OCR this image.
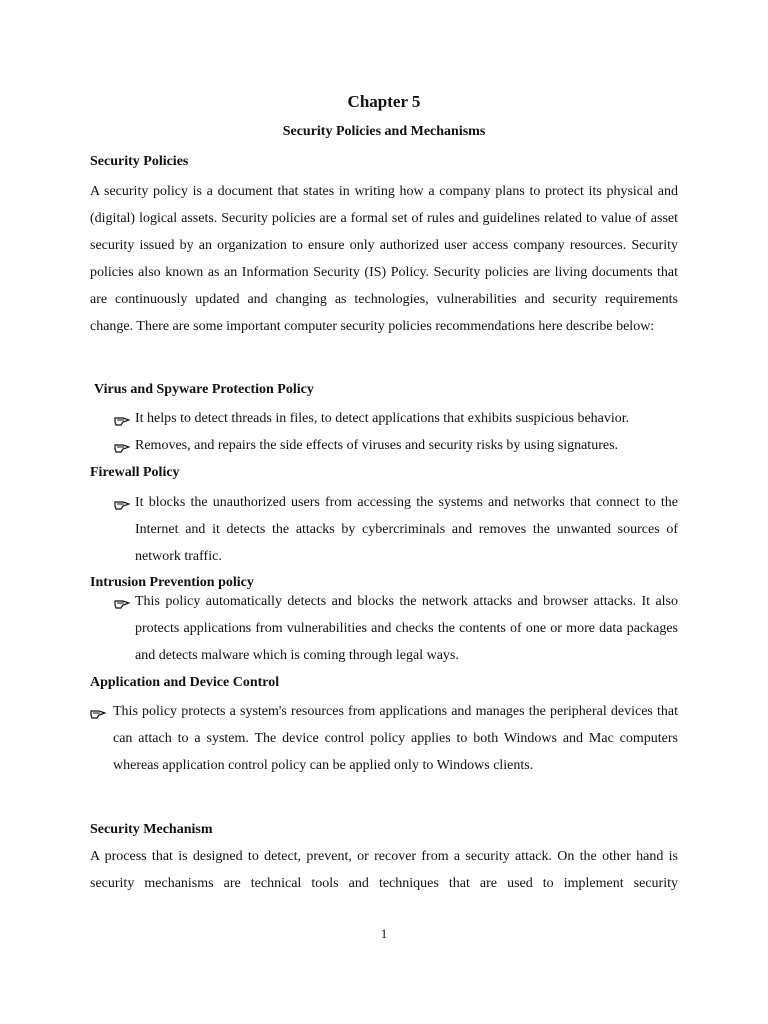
Chapter 5
Security Policies and Mechanisms
Security Policies
A security policy is a document that states in writing how a company plans to protect its physical and (digital) logical assets. Security policies are a formal set of rules and guidelines related to value of asset security issued by an organization to ensure only authorized user access company resources. Security policies also known as an Information Security (IS) Policy. Security policies are living documents that are continuously updated and changing as technologies, vulnerabilities and security requirements change. There are some important computer security policies recommendations here describe below:
Virus and Spyware Protection Policy
It helps to detect threads in files, to detect applications that exhibits suspicious behavior.
Removes, and repairs the side effects of viruses and security risks by using signatures.
Firewall Policy
It blocks the unauthorized users from accessing the systems and networks that connect to the Internet and it detects the attacks by cybercriminals and removes the unwanted sources of network traffic.
Intrusion Prevention policy
This policy automatically detects and blocks the network attacks and browser attacks. It also protects applications from vulnerabilities and checks the contents of one or more data packages and detects malware which is coming through legal ways.
Application and Device Control
This policy protects a system's resources from applications and manages the peripheral devices that can attach to a system. The device control policy applies to both Windows and Mac computers whereas application control policy can be applied only to Windows clients.
Security Mechanism
A process that is designed to detect, prevent, or recover from a security attack. On the other hand is security mechanisms are technical tools and techniques that are used to implement security
1
